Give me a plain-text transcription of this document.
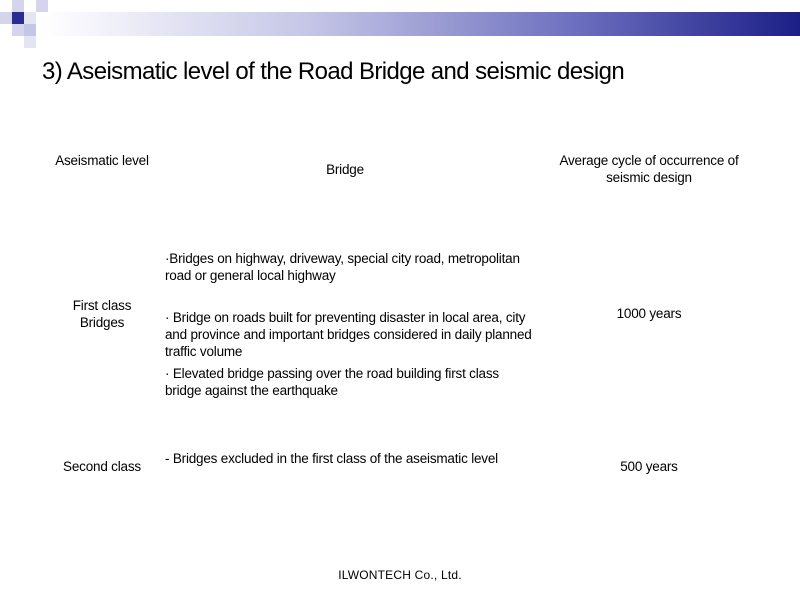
3) Aseismatic level of the Road Bridge and seismic design
Aseismatic level
Bridge
Average cycle of occurrence of seismic design
First class Bridges
·Bridges on highway, driveway, special city road, metropolitan road or general local highway
· Bridge on roads built for preventing disaster in local area, city and province and important bridges considered in daily planned traffic volume
· Elevated bridge passing over the road building first class bridge against the earthquake
1000 years
Second class
- Bridges excluded in the first class of the aseismatic level
500 years
ILWONTECH Co., Ltd.
